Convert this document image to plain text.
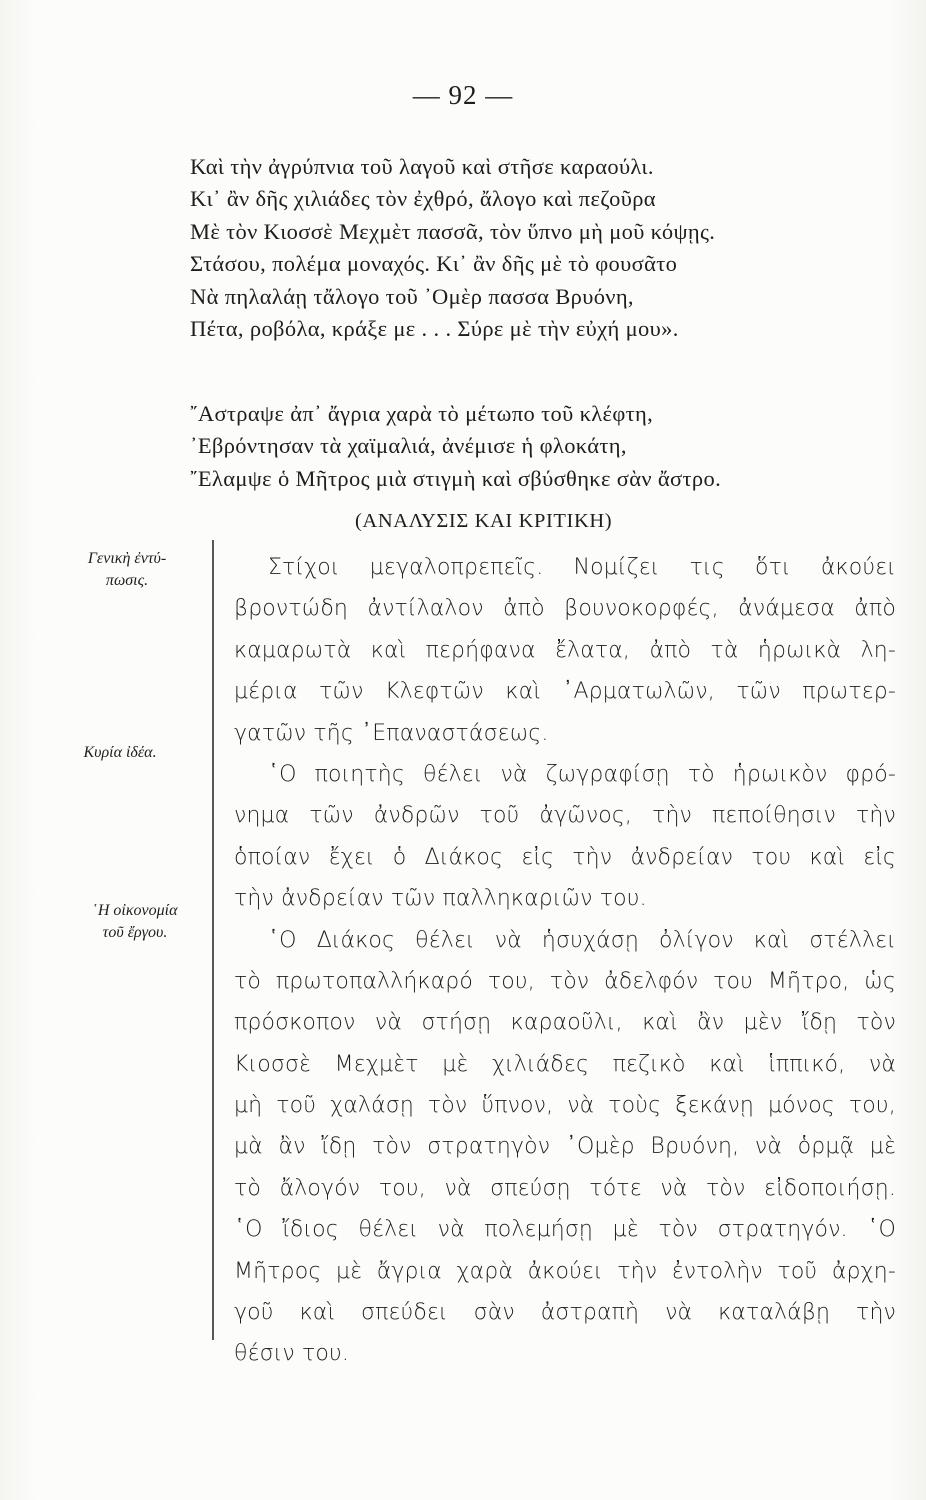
— 92 —
Καὶ τὴν ἀγρύπνια τοῦ λαγοῦ καὶ στῆσε καραούλι.
Κι᾽ ἂν δῆς χιλιάδες τὸν ἐχθρό, ἄλογο καὶ πεζοῦρα
Μὲ τὸν Κιοσσὲ Μεχμὲτ πασσᾶ, τὸν ὕπνο μὴ μοῦ κόψῃς.
Στάσου, πολέμα μοναχός. Κι᾽ ἂν δῆς μὲ τὸ φουσᾶτο
Νὰ πηλαλάῃ τἄλογο τοῦ ᾽Ομὲρ πασσα Βρυόνη,
Πέτα, ροβόλα, κράξε με . . . Σύρε μὲ τὴν εὐχή μου».
῎Αστραψε ἀπ᾽ ἄγρια χαρὰ τὸ μέτωπο τοῦ κλέφτη,
᾽Εβρόντησαν τὰ χαϊμαλιά, ἀνέμισε ἡ φλοκάτη,
῎Ελαμψε ὁ Μῆτρος μιὰ στιγμὴ καὶ σβύσθηκε σὰν ἄστρο.
(ΑΝΑΛΥΣΙΣ ΚΑΙ ΚΡΙΤΙΚΗ)
Γενικὴ ἐντύ-
πωσις.
Κυρία ἰδέα.
῾Η οἰκονομία
τοῦ ἔργου.
Στίχοι μεγαλοπρεπεῖς. Νομίζει τις ὅτι ἀκούει
βροντώδη ἀντίλαλον ἀπὸ βουνοκορφές, ἀνάμεσα ἀπὸ
καμαρωτὰ καὶ περήφανα ἔλατα, ἀπὸ τὰ ἡρωικὰ λη-
μέρια τῶν Κλεφτῶν καὶ ᾽Αρματωλῶν, τῶν πρωτερ-
γατῶν
τῆς
᾽Επαναστάσεως.

῾Ο ποιητὴς θέλει νὰ ζωγραφίσῃ τὸ ἡρωικὸν φρό-
νημα τῶν ἀνδρῶν τοῦ ἀγῶνος, τὴν πεποίθησιν τὴν
ὁποίαν ἔχει ὁ Διάκος εἰς τὴν ἀνδρείαν του καὶ εἰς
τὴν
ἀνδρείαν
τῶν
παλληκαριῶν
του.

῾Ο Διάκος θέλει νὰ ἡσυχάσῃ ὀλίγον καὶ στέλλει
τὸ πρωτοπαλλήκαρό του, τὸν ἀδελφόν του Μῆτρο, ὡς
πρόσκοπον νὰ στήσῃ καραοῦλι, καὶ ἂν μὲν ἴδῃ τὸν
Κιοσσὲ Μεχμὲτ μὲ χιλιάδες πεζικὸ καὶ ἱππικό, νὰ
μὴ τοῦ χαλάσῃ τὸν ὕπνον, νὰ τοὺς ξεκάνῃ μόνος του,
μὰ ἂν ἴδῃ τὸν στρατηγὸν ᾽Ομὲρ Βρυόνη, νὰ ὁρμᾷ μὲ
τὸ ἄλογόν του, νὰ σπεύσῃ τότε νὰ τὸν εἰδοποιήσῃ.
῾Ο ἴδιος θέλει νὰ πολεμήσῃ μὲ τὸν στρατηγόν. ῾Ο
Μῆτρος μὲ ἄγρια χαρὰ ἀκούει τὴν ἐντολὴν τοῦ ἀρχη-
γοῦ καὶ σπεύδει σὰν ἀστραπὴ νὰ καταλάβῃ τὴν
θέσιν
του.
